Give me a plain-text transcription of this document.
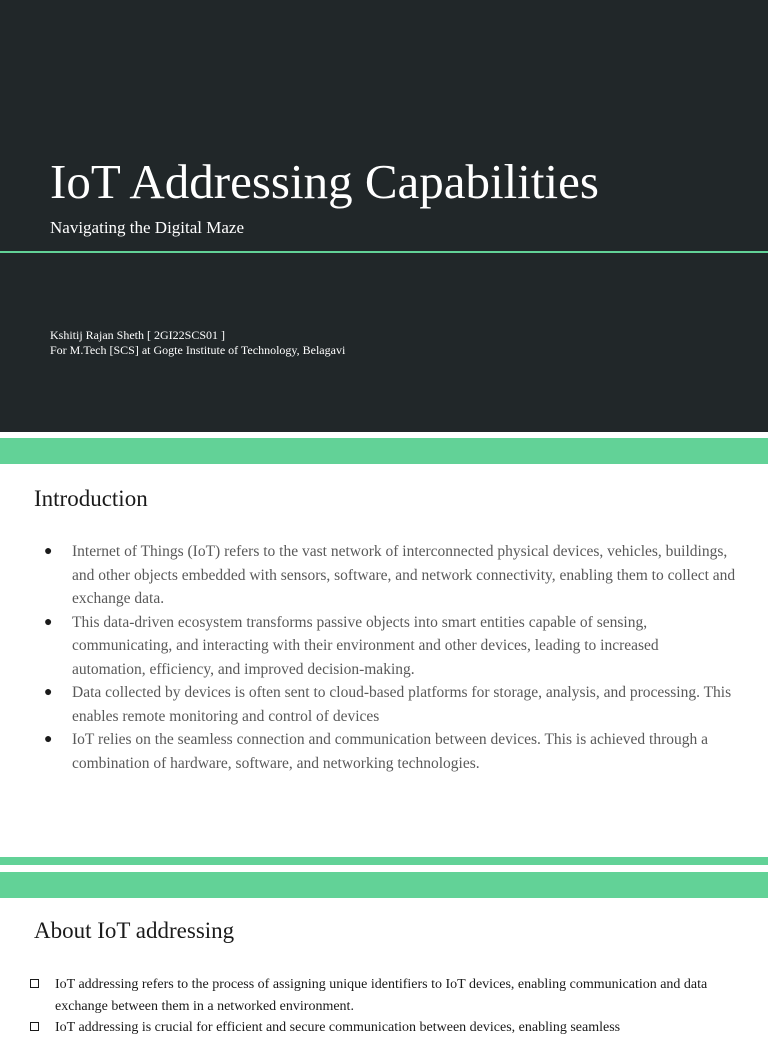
IoT Addressing Capabilities
Navigating the Digital Maze
Kshitij Rajan Sheth [ 2GI22SCS01 ]
For M.Tech [SCS] at Gogte Institute of Technology, Belagavi
Introduction
● Internet of Things (IoT) refers to the vast network of interconnected physical devices, vehicles, buildings, and other objects embedded with sensors, software, and network connectivity, enabling them to collect and exchange data.
● This data-driven ecosystem transforms passive objects into smart entities capable of sensing, communicating, and interacting with their environment and other devices, leading to increased automation, efficiency, and improved decision-making.
● Data collected by devices is often sent to cloud-based platforms for storage, analysis, and processing. This enables remote monitoring and control of devices
● IoT relies on the seamless connection and communication between devices. This is achieved through a combination of hardware, software, and networking technologies.
About IoT addressing
IoT addressing refers to the process of assigning unique identifiers to IoT devices, enabling communication and data exchange between them in a networked environment.
IoT addressing is crucial for efficient and secure communication between devices, enabling seamless
